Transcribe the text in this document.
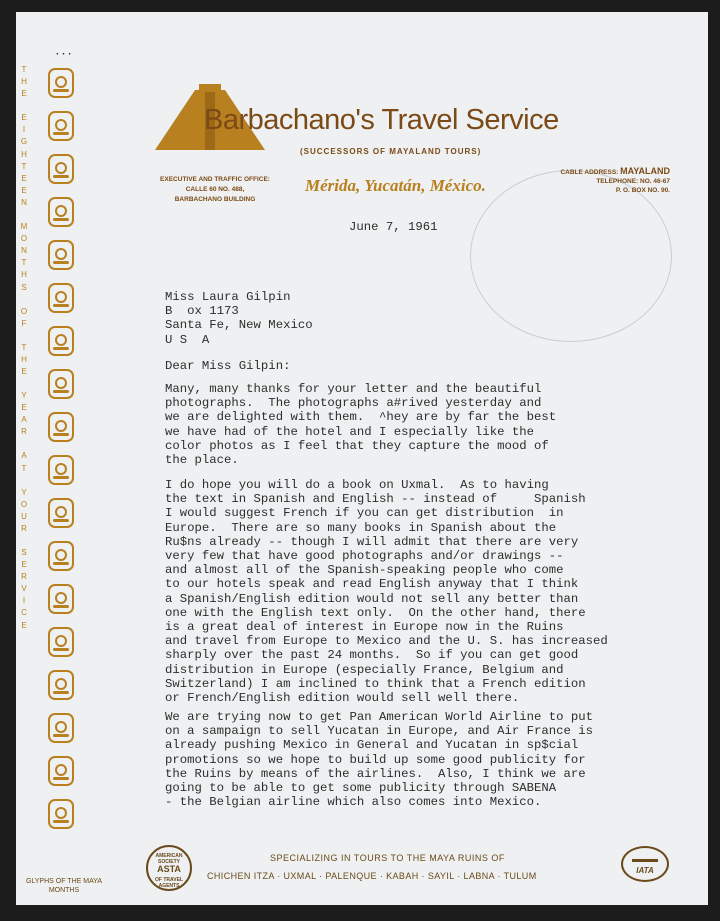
· · ·
Barbachano's Travel Service
(SUCCESSORS OF MAYALAND TOURS)
EXECUTIVE AND TRAFFIC OFFICE:
CALLE 60 NO. 488,
BARBACHANO BUILDING
Mérida, Yucatán, México.
CABLE ADDRESS: MAYALAND
TELEPHONE: NO. 46-67
P. O. BOX NO. 90.
T
H
E
E
I
G
H
T
E
E
N
M
O
N
T
H
S
O
F
T
H
E
Y
E
A
R
A
T
Y
O
U
R
S
E
R
V
I
C
E
GLYPHS OF THE MAYA
MONTHS
June 7, 1961
Miss Laura Gilpin
B  ox 1173
Santa Fe, New Mexico
U S  A
Dear Miss Gilpin:
Many, many thanks for your letter and the beautiful
photographs.  The photographs a#rived yesterday and
we are delighted with them.  ^hey are by far the best
we have had of the hotel and I especially like the
color photos as I feel that they capture the mood of
the place.
I do hope you will do a book on Uxmal.  As to having
the text in Spanish and English -- instead of     Spanish
I would suggest French if you can get distribution  in
Europe.  There are so many books in Spanish about the
Ru$ns already -- though I will admit that there are very
very few that have good photographs and/or drawings --
and almost all of the Spanish-speaking people who come
to our hotels speak and read English anyway that I think
a Spanish/English edition would not sell any better than
one with the English text only.  On the other hand, there
is a great deal of interest in Europe now in the Ruins
and travel from Europe to Mexico and the U. S. has increased
sharply over the past 24 months.  So if you can get good
distribution in Europe (especially France, Belgium and
Switzerland) I am inclined to think that a French edition
or French/English edition would sell well there.
We are trying now to get Pan American World Airline to put
on a sampaign to sell Yucatan in Europe, and Air France is
already pushing Mexico in General and Yucatan in sp$cial
promotions so we hope to build up some good publicity for
the Ruins by means of the airlines.  Also, I think we are
going to be able to get some publicity through SABENA
- the Belgian airline which also comes into Mexico.
AMERICAN SOCIETY
ASTA
OF TRAVEL AGENTS
SPECIALIZING IN TOURS TO THE MAYA RUINS OF
CHICHEN ITZA · UXMAL · PALENQUE · KABAH · SAYIL · LABNA · TULUM
IATA
